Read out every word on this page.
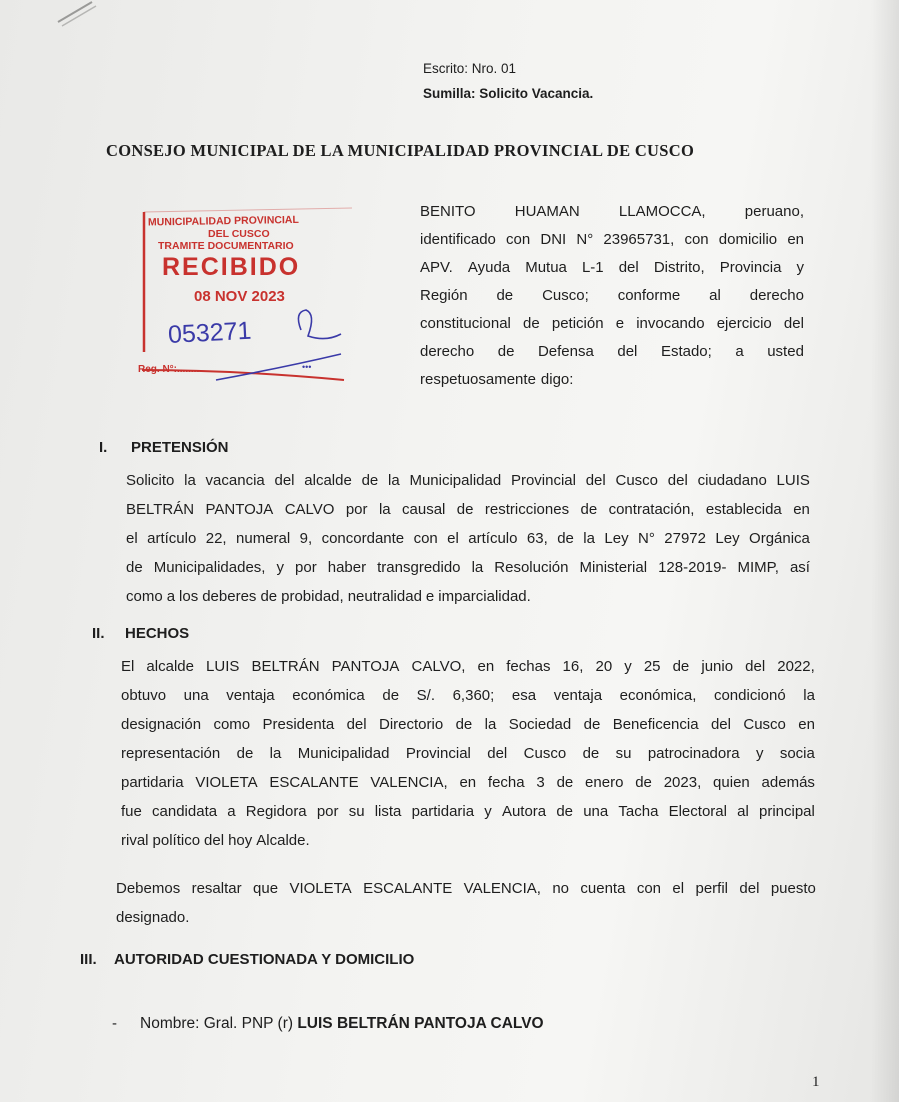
Escrito: Nro. 01
Sumilla: Solicito Vacancia.
CONSEJO MUNICIPAL DE LA MUNICIPALIDAD PROVINCIAL DE CUSCO
MUNICIPALIDAD PROVINCIAL
DEL CUSCO
TRAMITE DOCUMENTARIO
RECIBIDO
08 NOV 2023
053271
Reg. N°:........	•••
BENITO	HUAMAN	LLAMOCCA,	peruano,
identificado con DNI N° 23965731, con domicilio en
APV. Ayuda Mutua L-1 del Distrito, Provincia y
Región de Cusco; conforme al derecho
constitucional de petición e invocando ejercicio del
derecho de Defensa del Estado; a usted
respetuosamente digo:
I. PRETENSIÓN
Solicito la vacancia del alcalde de la Municipalidad Provincial del Cusco del ciudadano LUIS
BELTRÁN PANTOJA CALVO por la causal de restricciones de contratación, establecida en
el artículo 22, numeral 9, concordante con el artículo 63, de la Ley N° 27972 Ley Orgánica
de Municipalidades, y por haber transgredido la Resolución Ministerial 128-2019- MIMP, así
como a los deberes de probidad, neutralidad e imparcialidad.
II. HECHOS
El alcalde LUIS BELTRÁN PANTOJA CALVO, en fechas 16, 20 y 25 de junio del 2022,
obtuvo una ventaja económica de S/. 6,360; esa ventaja económica, condicionó la
designación como Presidenta del Directorio de la Sociedad de Beneficencia del Cusco en
representación de la Municipalidad Provincial del Cusco de su patrocinadora y socia
partidaria VIOLETA ESCALANTE VALENCIA, en fecha 3 de enero de 2023, quien además
fue candidata a Regidora por su lista partidaria y Autora de una Tacha Electoral al principal
rival político del hoy Alcalde.
Debemos resaltar que VIOLETA ESCALANTE VALENCIA, no cuenta con el perfil del puesto
designado.
III. AUTORIDAD CUESTIONADA Y DOMICILIO
- Nombre: Gral. PNP (r) LUIS BELTRÁN PANTOJA CALVO
1
